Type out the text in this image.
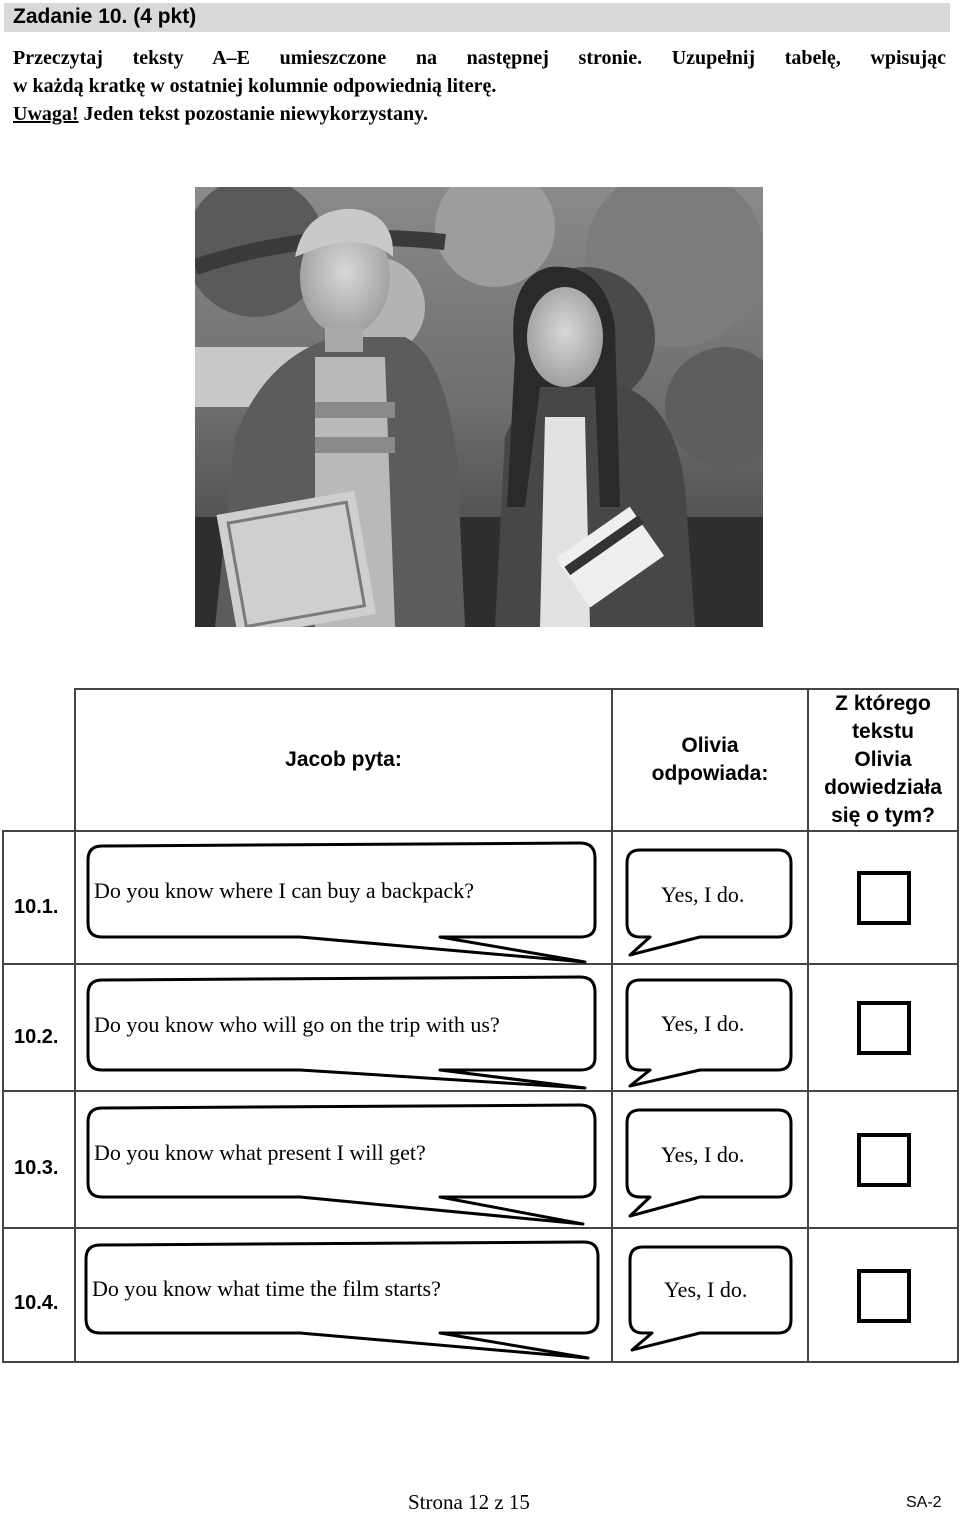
Zadanie 10. (4 pkt)

Przeczytaj teksty A–E umieszczone na następnej stronie. Uzupełnij tabelę, wpisując

w każdą kratkę w ostatniej kolumnie odpowiednią literę.

Uwaga! Jeden tekst pozostanie niewykorzystany.

Jacob pyta:
Olivia
odpowiada:
Z którego
tekstu
Olivia
dowiedziała
się o tym?
10.1.
10.2.
10.3.
10.4.
Do you know where I can buy a backpack?
Do you know who will go on the trip with us?
Do you know what present I will get?
Do you know what time the film starts?
Yes, I do.
Yes, I do.
Yes, I do.
Yes, I do.
Strona 12 z 15	SA-2
